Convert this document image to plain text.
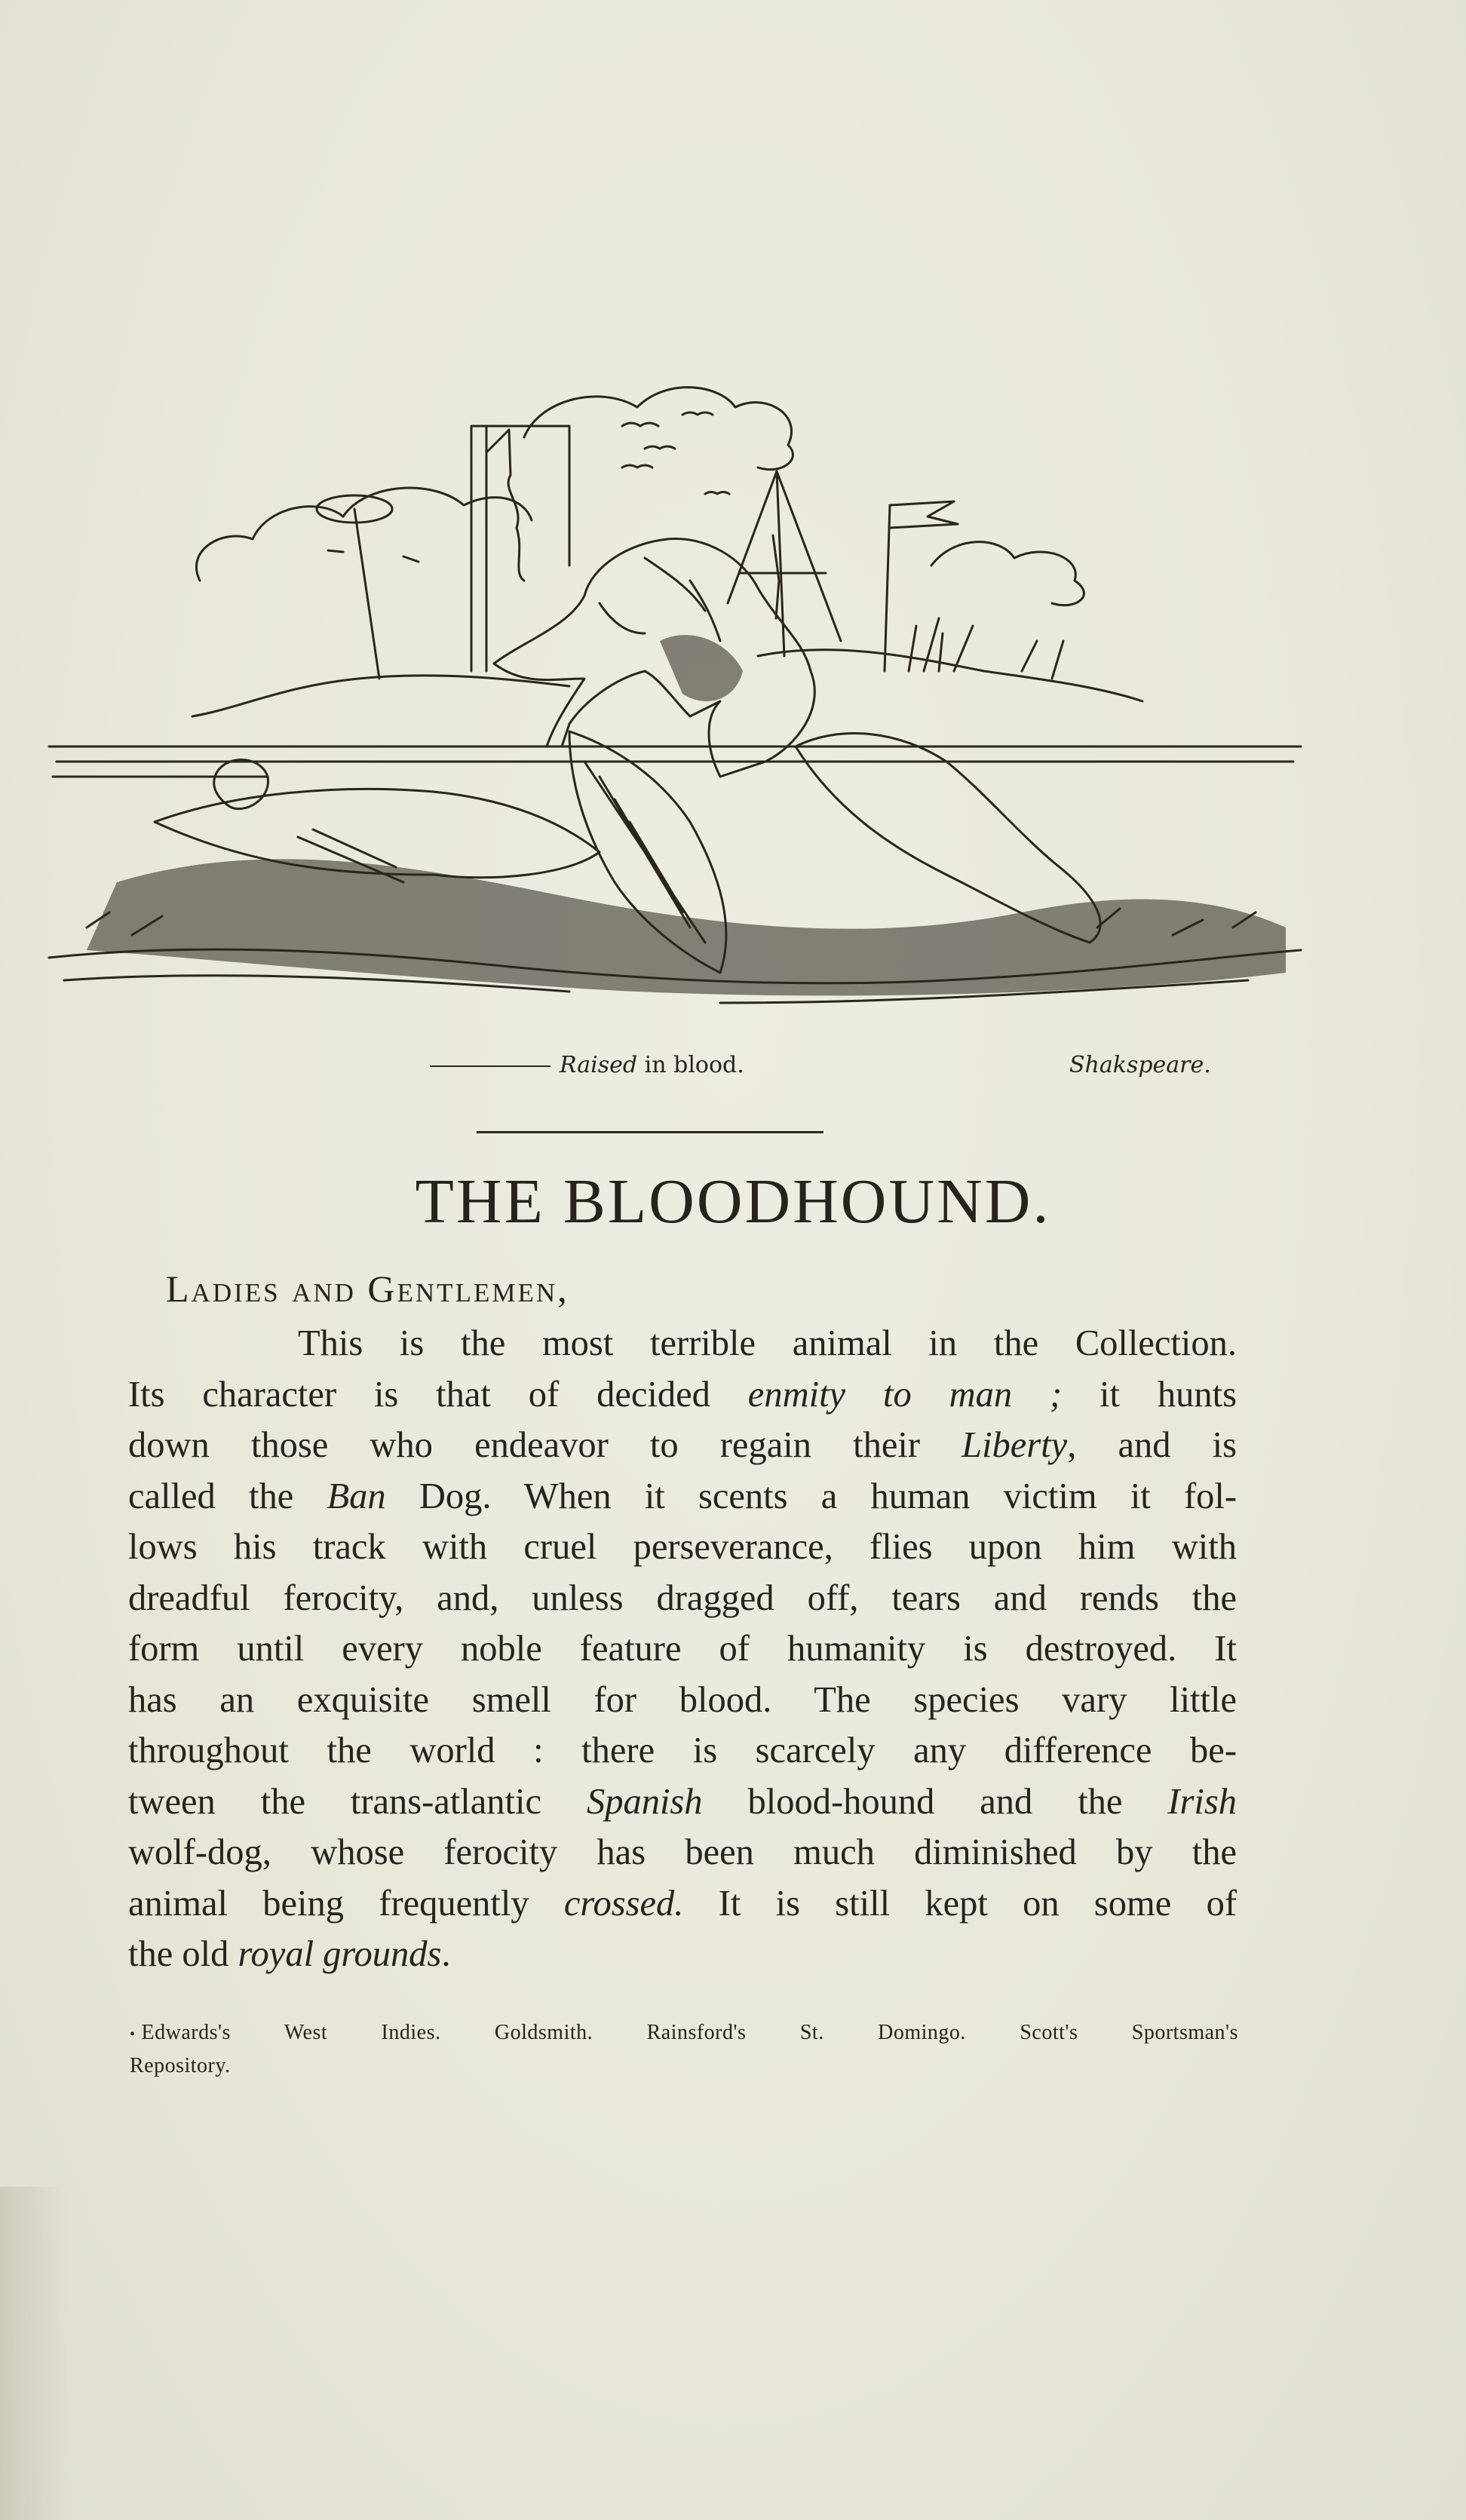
Raised in blood.	Shakspeare.
THE BLOODHOUND.
Ladies and Gentlemen,
This is the most terrible animal in the Collection.
Its character is that of decided enmity to man ; it hunts
down those who endeavor to regain their Liberty, and is
called the Ban Dog. When it scents a human victim it fol-
lows his track with cruel perseverance, flies upon him with
dreadful ferocity, and, unless dragged off, tears and rends the
form until every noble feature of humanity is destroyed. It
has an exquisite smell for blood. The species vary little
throughout the world : there is scarcely any difference be-
tween the trans-atlantic Spanish blood-hound and the Irish
wolf-dog, whose ferocity has been much diminished by the
animal being frequently crossed. It is still kept on some of
the old royal grounds.
• Edwards's West Indies. Goldsmith. Rainsford's St. Domingo. Scott's Sportsman's
Repository.
